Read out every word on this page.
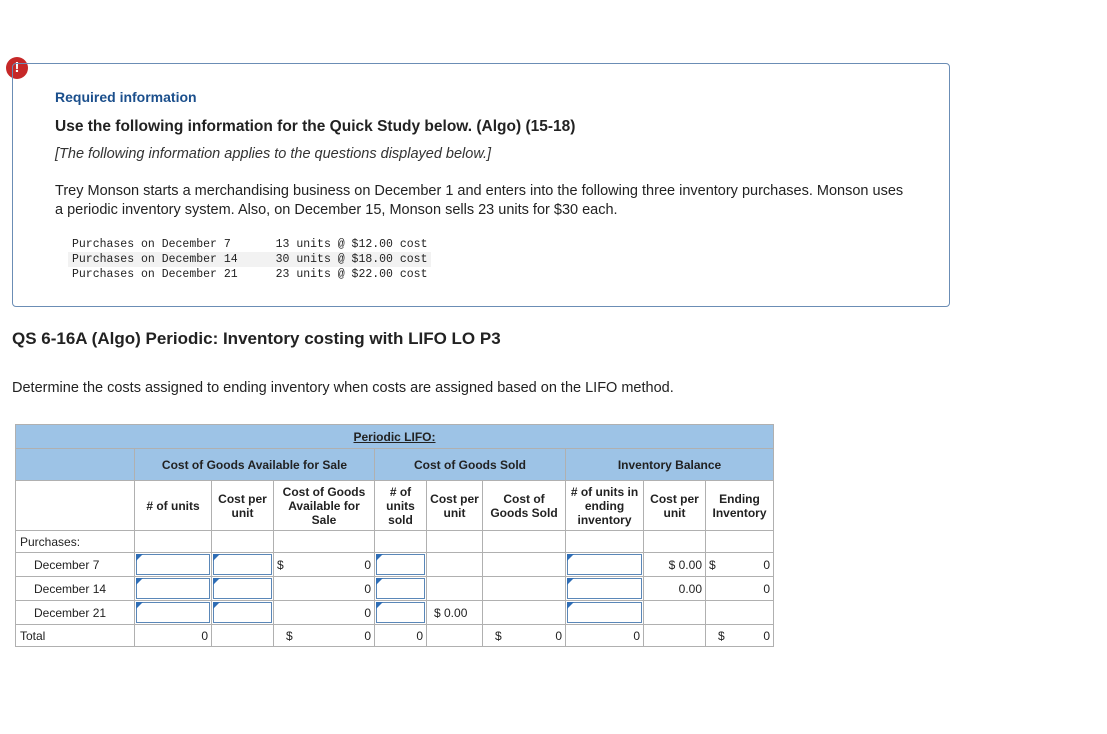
!
Required information
Use the following information for the Quick Study below. (Algo) (15-18)
[The following information applies to the questions displayed below.]
Trey Monson starts a merchandising business on December 1 and enters into the following three inventory purchases. Monson uses a periodic inventory system. Also, on December 15, Monson sells 23 units for $30 each.
Purchases on December 7	13 units @ $12.00 cost
Purchases on December 14	30 units @ $18.00 cost
Purchases on December 21	23 units @ $22.00 cost
QS 6-16A (Algo) Periodic: Inventory costing with LIFO LO P3
Determine the costs assigned to ending inventory when costs are assigned based on the LIFO method.
Periodic LIFO:									
	Cost of Goods Available for Sale			Cost of Goods Sold			Inventory Balance		
	# of units	Cost per unit	Cost of Goods Available for Sale	# of units sold	Cost per unit	Cost of Goods Sold	# of units in ending inventory	Cost per unit	Ending Inventory
Purchases:									
December 7			$ 0					$ 0.00	$ 0

December 14			0					0.00	0

December 21			0		$ 0.00		

Total	0		$ 0	0		$ 0	0		$ 0
